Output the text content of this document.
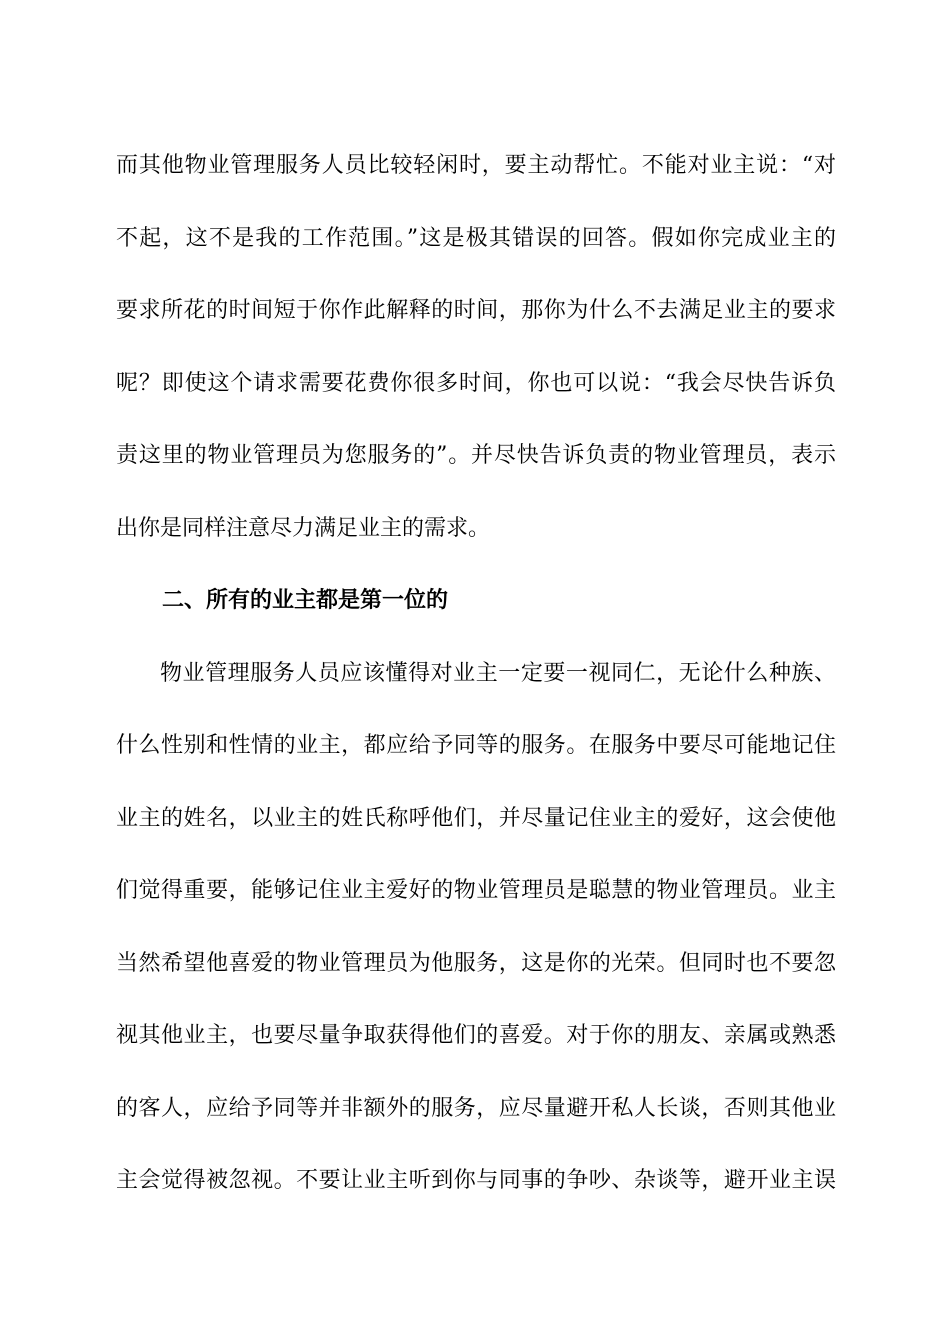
而其他物业管理服务人员比较轻闲时，要主动帮忙。不能对业主说：“对
不起，这不是我的工作范围。”这是极其错误的回答。假如你完成业主的
要求所花的时间短于你作此解释的时间，那你为什么不去满足业主的要求
呢？即使这个请求需要花费你很多时间，你也可以说：“我会尽快告诉负
责这里的物业管理员为您服务的”。并尽快告诉负责的物业管理员，表示
出你是同样注意尽力满足业主的需求。
二、所有的业主都是第一位的
物业管理服务人员应该懂得对业主一定要一视同仁，无论什么种族、
什么性别和性情的业主，都应给予同等的服务。在服务中要尽可能地记住
业主的姓名，以业主的姓氏称呼他们，并尽量记住业主的爱好，这会使他
们觉得重要，能够记住业主爱好的物业管理员是聪慧的物业管理员。业主
当然希望他喜爱的物业管理员为他服务，这是你的光荣。但同时也不要忽
视其他业主，也要尽量争取获得他们的喜爱。对于你的朋友、亲属或熟悉
的客人，应给予同等并非额外的服务，应尽量避开私人长谈，否则其他业
主会觉得被忽视。不要让业主听到你与同事的争吵、杂谈等，避开业主误
